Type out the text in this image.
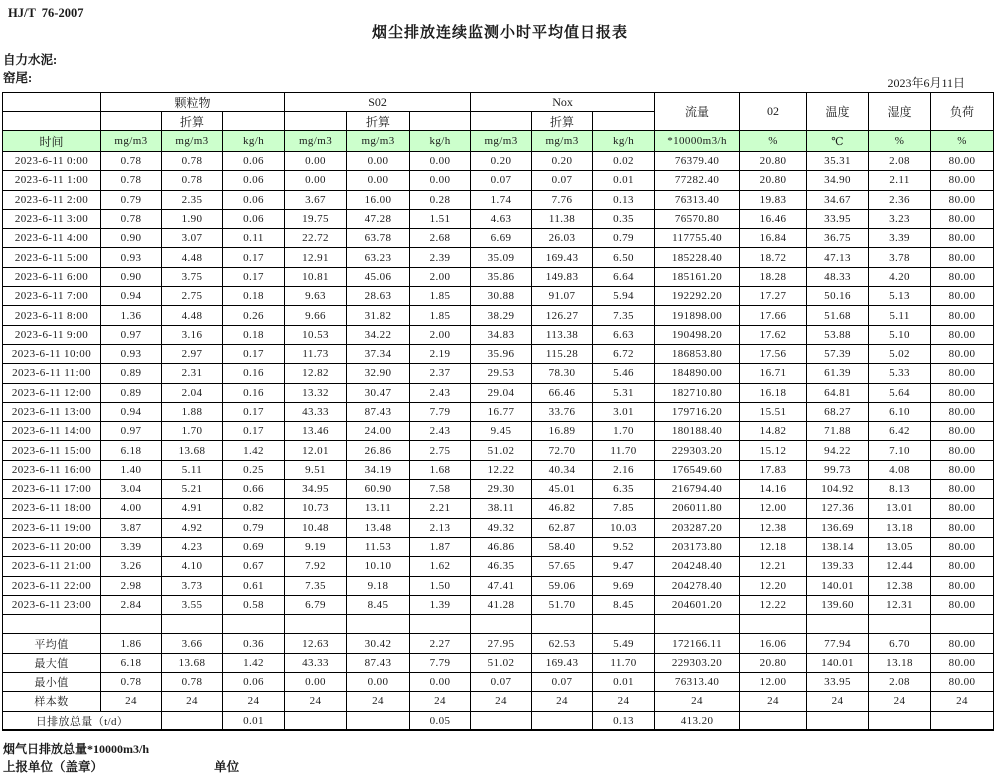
HJ/T  76-2007
烟尘排放连续监测小时平均值日报表
自力水泥:
窑尾:	2023年6月11日
	颗粒物			S02			Nox			流量	02	温度	湿度	负荷
		折算			折算			折算						
时间	mg/m3	mg/m3	kg/h	mg/m3	mg/m3	kg/h	mg/m3	mg/m3	kg/h	*10000m3/h	%	℃	%	%
2023-6-11 0:00	0.78	0.78	0.06	0.00	0.00	0.00	0.20	0.20	0.02	76379.40	20.80	35.31	2.08	80.00
2023-6-11 1:00	0.78	0.78	0.06	0.00	0.00	0.00	0.07	0.07	0.01	77282.40	20.80	34.90	2.11	80.00
2023-6-11 2:00	0.79	2.35	0.06	3.67	16.00	0.28	1.74	7.76	0.13	76313.40	19.83	34.67	2.36	80.00
2023-6-11 3:00	0.78	1.90	0.06	19.75	47.28	1.51	4.63	11.38	0.35	76570.80	16.46	33.95	3.23	80.00
2023-6-11 4:00	0.90	3.07	0.11	22.72	63.78	2.68	6.69	26.03	0.79	117755.40	16.84	36.75	3.39	80.00
2023-6-11 5:00	0.93	4.48	0.17	12.91	63.23	2.39	35.09	169.43	6.50	185228.40	18.72	47.13	3.78	80.00
2023-6-11 6:00	0.90	3.75	0.17	10.81	45.06	2.00	35.86	149.83	6.64	185161.20	18.28	48.33	4.20	80.00
2023-6-11 7:00	0.94	2.75	0.18	9.63	28.63	1.85	30.88	91.07	5.94	192292.20	17.27	50.16	5.13	80.00
2023-6-11 8:00	1.36	4.48	0.26	9.66	31.82	1.85	38.29	126.27	7.35	191898.00	17.66	51.68	5.11	80.00
2023-6-11 9:00	0.97	3.16	0.18	10.53	34.22	2.00	34.83	113.38	6.63	190498.20	17.62	53.88	5.10	80.00
2023-6-11 10:00	0.93	2.97	0.17	11.73	37.34	2.19	35.96	115.28	6.72	186853.80	17.56	57.39	5.02	80.00
2023-6-11 11:00	0.89	2.31	0.16	12.82	32.90	2.37	29.53	78.30	5.46	184890.00	16.71	61.39	5.33	80.00
2023-6-11 12:00	0.89	2.04	0.16	13.32	30.47	2.43	29.04	66.46	5.31	182710.80	16.18	64.81	5.64	80.00
2023-6-11 13:00	0.94	1.88	0.17	43.33	87.43	7.79	16.77	33.76	3.01	179716.20	15.51	68.27	6.10	80.00
2023-6-11 14:00	0.97	1.70	0.17	13.46	24.00	2.43	9.45	16.89	1.70	180188.40	14.82	71.88	6.42	80.00
2023-6-11 15:00	6.18	13.68	1.42	12.01	26.86	2.75	51.02	72.70	11.70	229303.20	15.12	94.22	7.10	80.00
2023-6-11 16:00	1.40	5.11	0.25	9.51	34.19	1.68	12.22	40.34	2.16	176549.60	17.83	99.73	4.08	80.00
2023-6-11 17:00	3.04	5.21	0.66	34.95	60.90	7.58	29.30	45.01	6.35	216794.40	14.16	104.92	8.13	80.00
2023-6-11 18:00	4.00	4.91	0.82	10.73	13.11	2.21	38.11	46.82	7.85	206011.80	12.00	127.36	13.01	80.00
2023-6-11 19:00	3.87	4.92	0.79	10.48	13.48	2.13	49.32	62.87	10.03	203287.20	12.38	136.69	13.18	80.00
2023-6-11 20:00	3.39	4.23	0.69	9.19	11.53	1.87	46.86	58.40	9.52	203173.80	12.18	138.14	13.05	80.00
2023-6-11 21:00	3.26	4.10	0.67	7.92	10.10	1.62	46.35	57.65	9.47	204248.40	12.21	139.33	12.44	80.00
2023-6-11 22:00	2.98	3.73	0.61	7.35	9.18	1.50	47.41	59.06	9.69	204278.40	12.20	140.01	12.38	80.00
2023-6-11 23:00	2.84	3.55	0.58	6.79	8.45	1.39	41.28	51.70	8.45	204601.20	12.22	139.60	12.31	80.00

平均值	1.86	3.66	0.36	12.63	30.42	2.27	27.95	62.53	5.49	172166.11	16.06	77.94	6.70	80.00
最大值	6.18	13.68	1.42	43.33	87.43	7.79	51.02	169.43	11.70	229303.20	20.80	140.01	13.18	80.00
最小值	0.78	0.78	0.06	0.00	0.00	0.00	0.07	0.07	0.01	76313.40	12.00	33.95	2.08	80.00
样本数	24	24	24	24	24	24	24	24	24	24	24	24	24	24
日排放总量（t/d）			0.01			0.05			0.13	413.20				
烟气日排放总量*10000m3/h
上报单位（盖章）	单位
